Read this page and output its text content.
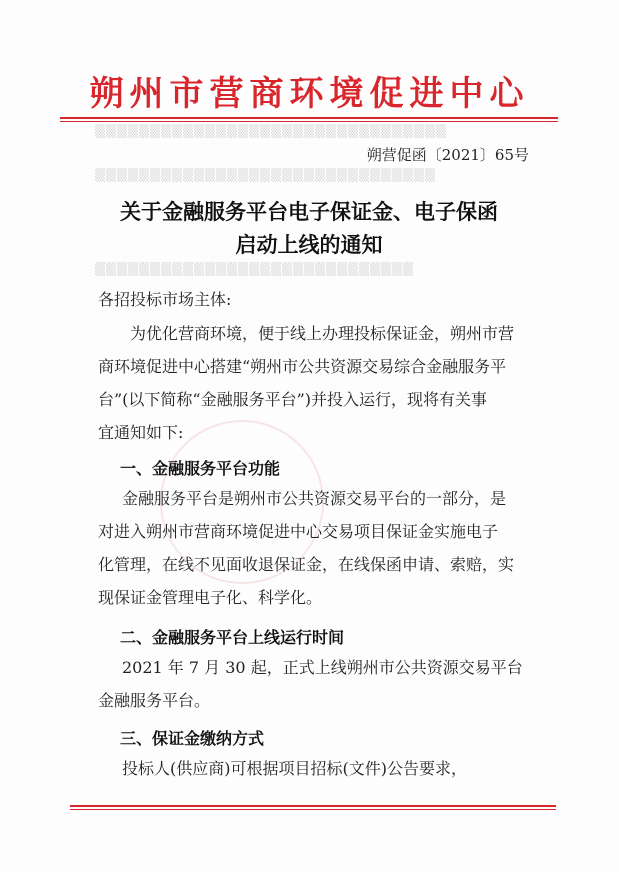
▒▒▒▒▒▒▒▒▒▒▒▒▒▒▒▒▒▒▒▒▒▒▒▒▒▒▒▒▒▒▒▒
▒▒▒▒▒▒▒▒▒▒▒▒▒▒▒▒▒▒▒▒▒▒▒▒▒▒▒▒▒▒▒
▒▒▒▒▒▒▒▒▒▒▒▒▒▒▒▒▒▒▒▒▒▒▒▒▒▒▒▒▒
朔州市营商环境促进中心
朔营促函〔2021〕65号
关于金融服务平台电子保证金、电子保函
启动上线的通知
各招投标市场主体:
为优化营商环境，便于线上办理投标保证金，朔州市营
商环境促进中心搭建“朔州市公共资源交易综合金融服务平
台”(以下简称“金融服务平台”)并投入运行，现将有关事
宜通知如下:
一、金融服务平台功能
金融服务平台是朔州市公共资源交易平台的一部分，是
对进入朔州市营商环境促进中心交易项目保证金实施电子
化管理，在线不见面收退保证金，在线保函申请、索赔，实
现保证金管理电子化、科学化。
二、金融服务平台上线运行时间
2021 年 7 月 30 起，正式上线朔州市公共资源交易平台
金融服务平台。
三、保证金缴纳方式
投标人(供应商)可根据项目招标(文件)公告要求，
